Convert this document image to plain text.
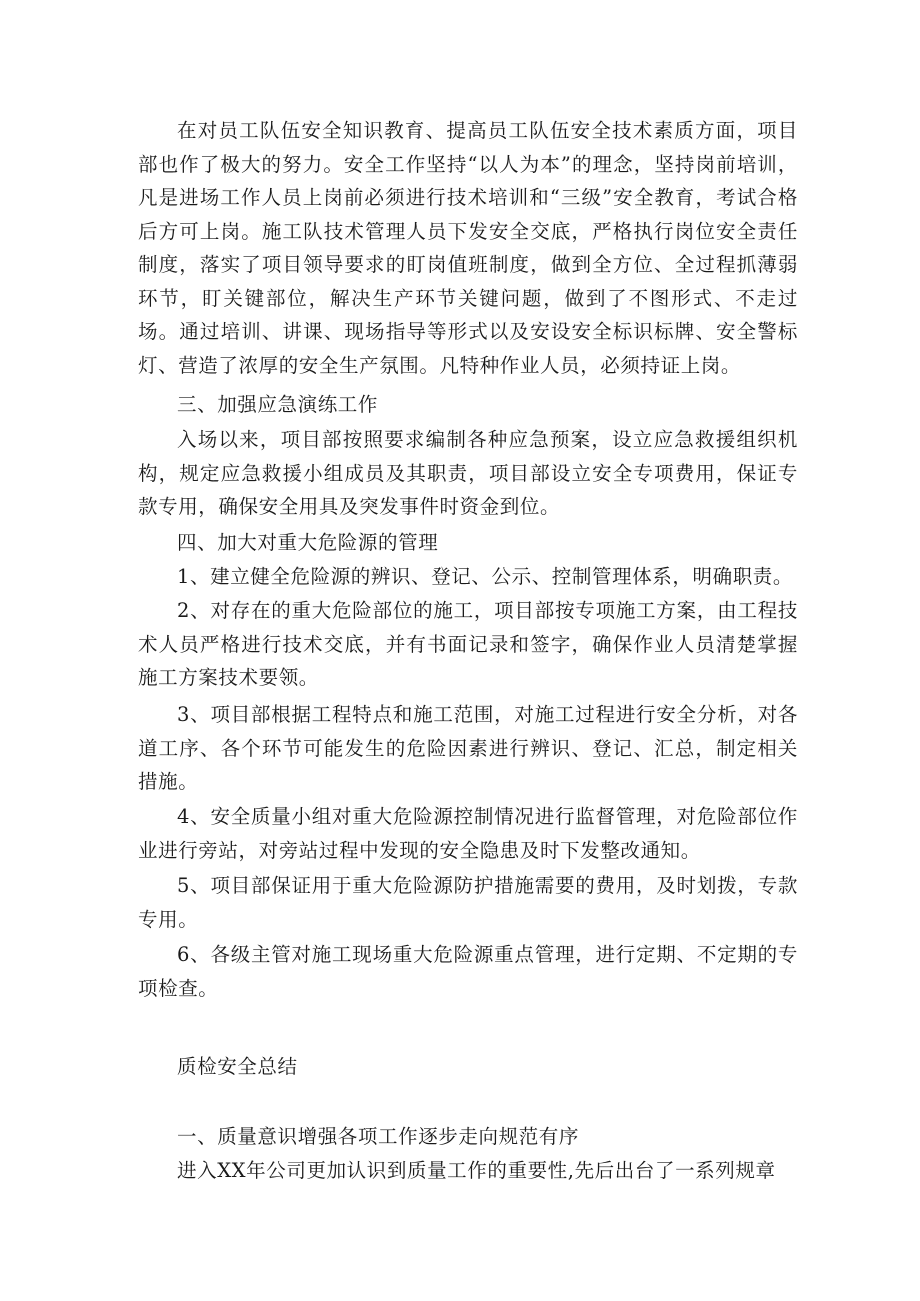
在对员工队伍安全知识教育、提高员工队伍安全技术素质方面，项目部也作了极大的努力。安全工作坚持“以人为本”的理念，坚持岗前培训，凡是进场工作人员上岗前必须进行技术培训和“三级”安全教育，考试合格后方可上岗。施工队技术管理人员下发安全交底，严格执行岗位安全责任制度，落实了项目领导要求的盯岗值班制度，做到全方位、全过程抓薄弱环节，盯关键部位，解决生产环节关键问题，做到了不图形式、不走过场。通过培训、讲课、现场指导等形式以及安设安全标识标牌、安全警标灯、营造了浓厚的安全生产氛围。凡特种作业人员，必须持证上岗。

三、加强应急演练工作

入场以来，项目部按照要求编制各种应急预案，设立应急救援组织机构，规定应急救援小组成员及其职责，项目部设立安全专项费用，保证专款专用，确保安全用具及突发事件时资金到位。

四、加大对重大危险源的管理

1、建立健全危险源的辨识、登记、公示、控制管理体系，明确职责。

2、对存在的重大危险部位的施工，项目部按专项施工方案，由工程技术人员严格进行技术交底，并有书面记录和签字，确保作业人员清楚掌握施工方案技术要领。

3、项目部根据工程特点和施工范围，对施工过程进行安全分析，对各道工序、各个环节可能发生的危险因素进行辨识、登记、汇总，制定相关措施。

4、安全质量小组对重大危险源控制情况进行监督管理，对危险部位作业进行旁站，对旁站过程中发现的安全隐患及时下发整改通知。

5、项目部保证用于重大危险源防护措施需要的费用，及时划拨，专款专用。

6、各级主管对施工现场重大危险源重点管理，进行定期、不定期的专项检查。

质检安全总结

一、质量意识增强各项工作逐步走向规范有序

进入XX年公司更加认识到质量工作的重要性,先后出台了一系列规章
